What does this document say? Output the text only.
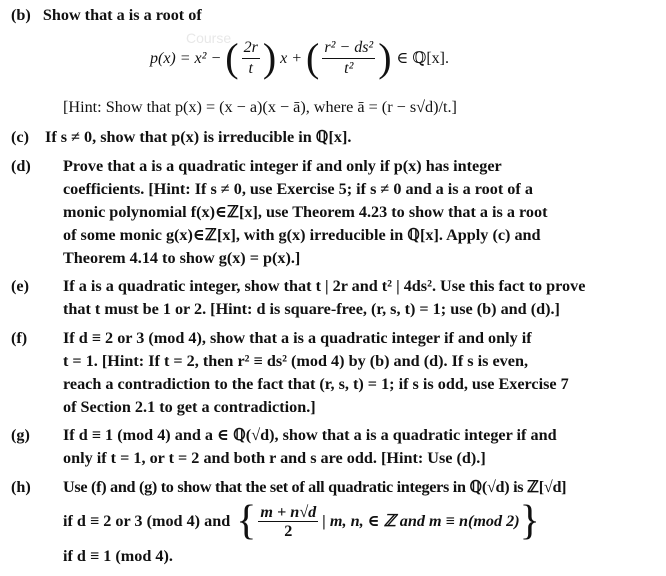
Course
(b) Show that a is a root of
p(x) = x² − ( $\frac{2r}{t}$ ) x + ( $\frac{\text{r² − ds²}}{\text{t²}}$ ) ∈ ℚ[x].
[Hint: Show that p(x) = (x − a)(x − ā), where ā = (r − s√d)/t.]
(c) If s ≠ 0, show that p(x) is irreducible in ℚ[x].
(d) Prove that a is a quadratic integer if and only if p(x) has integer
coefficients. [Hint: If s ≠ 0, use Exercise 5; if s ≠ 0 and a is a root of a
monic polynomial f(x)∈ℤ[x], use Theorem 4.23 to show that a is a root
of some monic g(x)∈ℤ[x], with g(x) irreducible in ℚ[x]. Apply (c) and
Theorem 4.14 to show g(x) = p(x).]
(e) If a is a quadratic integer, show that t | 2r and t² | 4ds². Use this fact to prove
that t must be 1 or 2. [Hint: d is square-free, (r, s, t) = 1; use (b) and (d).]
(f) If d ≡ 2 or 3 (mod 4), show that a is a quadratic integer if and only if
t = 1. [Hint: If t = 2, then r² ≡ ds² (mod 4) by (b) and (d). If s is even,
reach a contradiction to the fact that (r, s, t) = 1; if s is odd, use Exercise 7
of Section 2.1 to get a contradiction.]
(g) If d ≡ 1 (mod 4) and a ∈ ℚ(√d), show that a is a quadratic integer if and
only if t = 1, or t = 2 and both r and s are odd. [Hint: Use (d).]
(h) Use (f) and (g) to show that the set of all quadratic integers in ℚ(√d) is ℤ[√d]
if d ≡ 2 or 3 (mod 4) and { $\frac{m + n√d}{2}$ | m, n, ∈ ℤ and m ≡ n(mod 2) }
if d ≡ 1 (mod 4).
